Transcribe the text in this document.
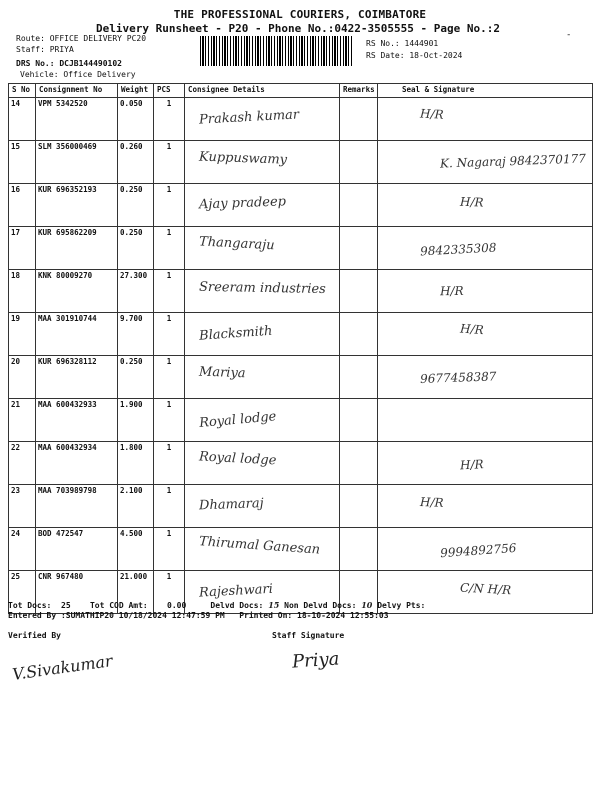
THE PROFESSIONAL COURIERS, COIMBATORE
Delivery Runsheet - P20 - Phone No.:0422-3505555 - Page No.:2	-
Route: OFFICE DELIVERY PC20
Staff: PRIYA
DRS No.: DCJB144490102
Vehicle: Office Delivery
RS No.: 1444901
RS Date: 18-Oct-2024
S No	Consignment No	Weight	PCS	Consignee Details	Remarks	Seal & Signature
14	VPM 5342520	0.050	1	Prakash kumar		H/R

15	SLM 356000469	0.260	1	Kuppuswamy		K. Nagaraj 9842370177

16	KUR 696352193	0.250	1	Ajay pradeep		H/R

17	KUR 695862209	0.250	1	Thangaraju		9842335308

18	KNK 80009270	27.300	1	Sreeram industries		H/R

19	MAA 301910744	9.700	1	Blacksmith		H/R

20	KUR 696328112	0.250	1	Mariya		9677458387

21	MAA 600432933	1.900	1	Royal lodge		

22	MAA 600432934	1.800	1	Royal lodge		H/R

23	MAA 703989798	2.100	1	Dhamaraj		H/R

24	BOD 472547	4.500	1	Thirumal Ganesan		9994892756

25	CNR 967480	21.000	1	Rajeshwari		C/N H/R
Tot Docs: 25 Tot COD Amt: 0.00	Delvd Docs: 15 Non Delvd Docs: 10 Delvy Pts:
Entered By :SUMATHIP20 10/18/2024 12:47:59 PM Printed On: 18-10-2024 12:55:03
Verified By	Staff Signature
V.Sivakumar	Priya
